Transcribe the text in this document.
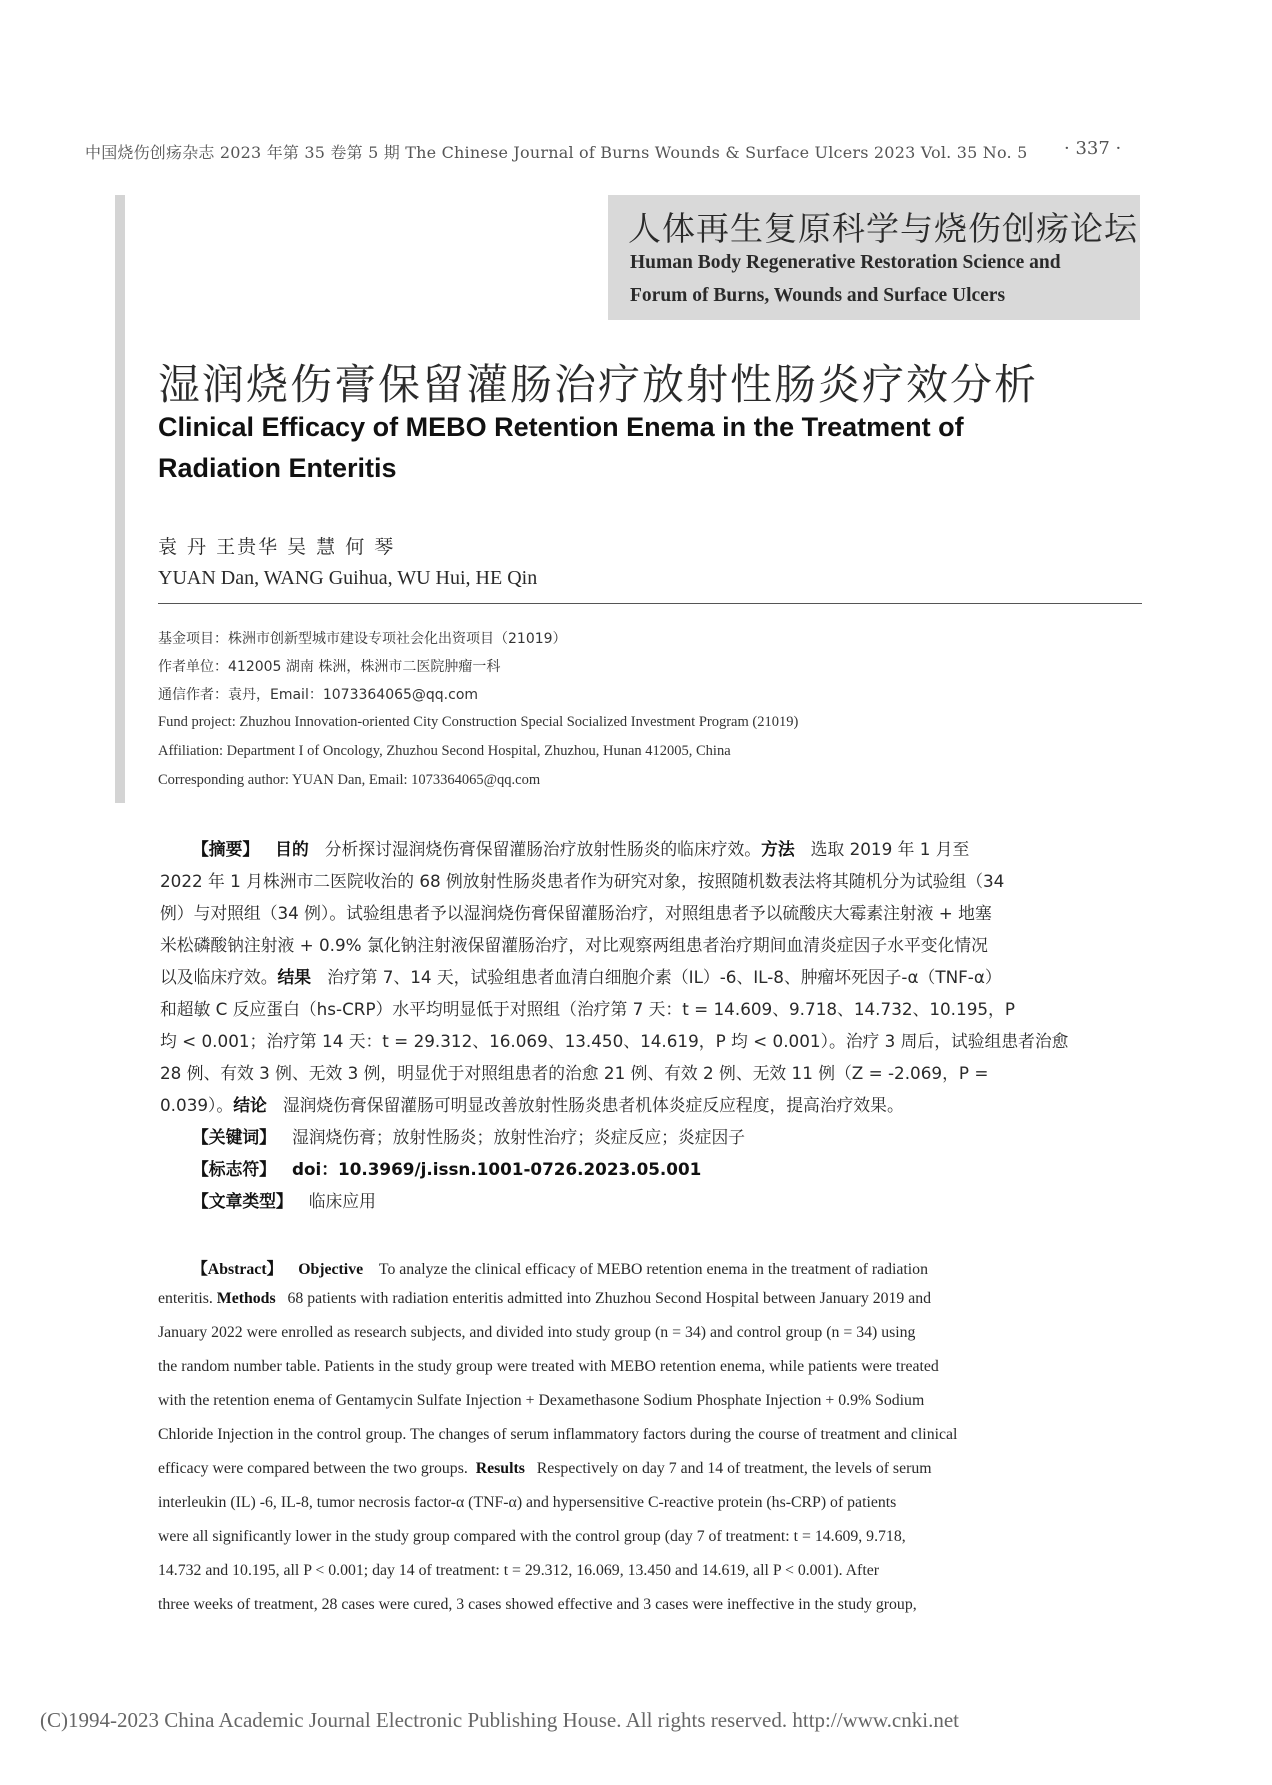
中国烧伤创疡杂志 2023 年第 35 卷第 5 期 The Chinese Journal of Burns Wounds & Surface Ulcers 2023 Vol. 35 No. 5 · 337 ·
人体再生复原科学与烧伤创疡论坛
Human Body Regenerative Restoration Science and
Forum of Burns, Wounds and Surface Ulcers
湿润烧伤膏保留灌肠治疗放射性肠炎疗效分析
Clinical Efficacy of MEBO Retention Enema in the Treatment of
Radiation Enteritis
袁 丹 王贵华 吴 慧 何 琴
YUAN Dan, WANG Guihua, WU Hui, HE Qin
基金项目：株洲市创新型城市建设专项社会化出资项目（21019）
作者单位：412005 湖南 株洲，株洲市二医院肿瘤一科
通信作者：袁丹，Email：1073364065@qq.com
Fund project: Zhuzhou Innovation-oriented City Construction Special Socialized Investment Program (21019)
Affiliation: Department I of Oncology, Zhuzhou Second Hospital, Zhuzhou, Hunan 412005, China
Corresponding author: YUAN Dan, Email: 1073364065@qq.com
【摘要】 目的 分析探讨湿润烧伤膏保留灌肠治疗放射性肠炎的临床疗效。方法 选取 2019 年 1 月至
2022 年 1 月株洲市二医院收治的 68 例放射性肠炎患者作为研究对象，按照随机数表法将其随机分为试验组（34
例）与对照组（34 例）。试验组患者予以湿润烧伤膏保留灌肠治疗，对照组患者予以硫酸庆大霉素注射液 + 地塞
米松磷酸钠注射液 + 0.9% 氯化钠注射液保留灌肠治疗，对比观察两组患者治疗期间血清炎症因子水平变化情况
以及临床疗效。结果 治疗第 7、14 天，试验组患者血清白细胞介素（IL）-6、IL-8、肿瘤坏死因子-α（TNF-α）
和超敏 C 反应蛋白（hs-CRP）水平均明显低于对照组（治疗第 7 天：t = 14.609、9.718、14.732、10.195，P
均 < 0.001；治疗第 14 天：t = 29.312、16.069、13.450、14.619，P 均 < 0.001）。治疗 3 周后，试验组患者治愈
28 例、有效 3 例、无效 3 例，明显优于对照组患者的治愈 21 例、有效 2 例、无效 11 例（Z = -2.069，P =
0.039）。结论 湿润烧伤膏保留灌肠可明显改善放射性肠炎患者机体炎症反应程度，提高治疗效果。
【关键词】 湿润烧伤膏；放射性肠炎；放射性治疗；炎症反应；炎症因子
【标志符】 doi：10.3969/j.issn.1001-0726.2023.05.001
【文章类型】 临床应用
【Abstract】 Objective To analyze the clinical efficacy of MEBO retention enema in the treatment of radiation
enteritis. Methods 68 patients with radiation enteritis admitted into Zhuzhou Second Hospital between January 2019 and
January 2022 were enrolled as research subjects, and divided into study group (n = 34) and control group (n = 34) using
the random number table. Patients in the study group were treated with MEBO retention enema, while patients were treated
with the retention enema of Gentamycin Sulfate Injection + Dexamethasone Sodium Phosphate Injection + 0.9% Sodium
Chloride Injection in the control group. The changes of serum inflammatory factors during the course of treatment and clinical
efficacy were compared between the two groups. Results Respectively on day 7 and 14 of treatment, the levels of serum
interleukin (IL) -6, IL-8, tumor necrosis factor-α (TNF-α) and hypersensitive C-reactive protein (hs-CRP) of patients
were all significantly lower in the study group compared with the control group (day 7 of treatment: t = 14.609, 9.718,
14.732 and 10.195, all P < 0.001; day 14 of treatment: t = 29.312, 16.069, 13.450 and 14.619, all P < 0.001). After
three weeks of treatment, 28 cases were cured, 3 cases showed effective and 3 cases were ineffective in the study group,
(C)1994-2023 China Academic Journal Electronic Publishing House. All rights reserved. http://www.cnki.net
